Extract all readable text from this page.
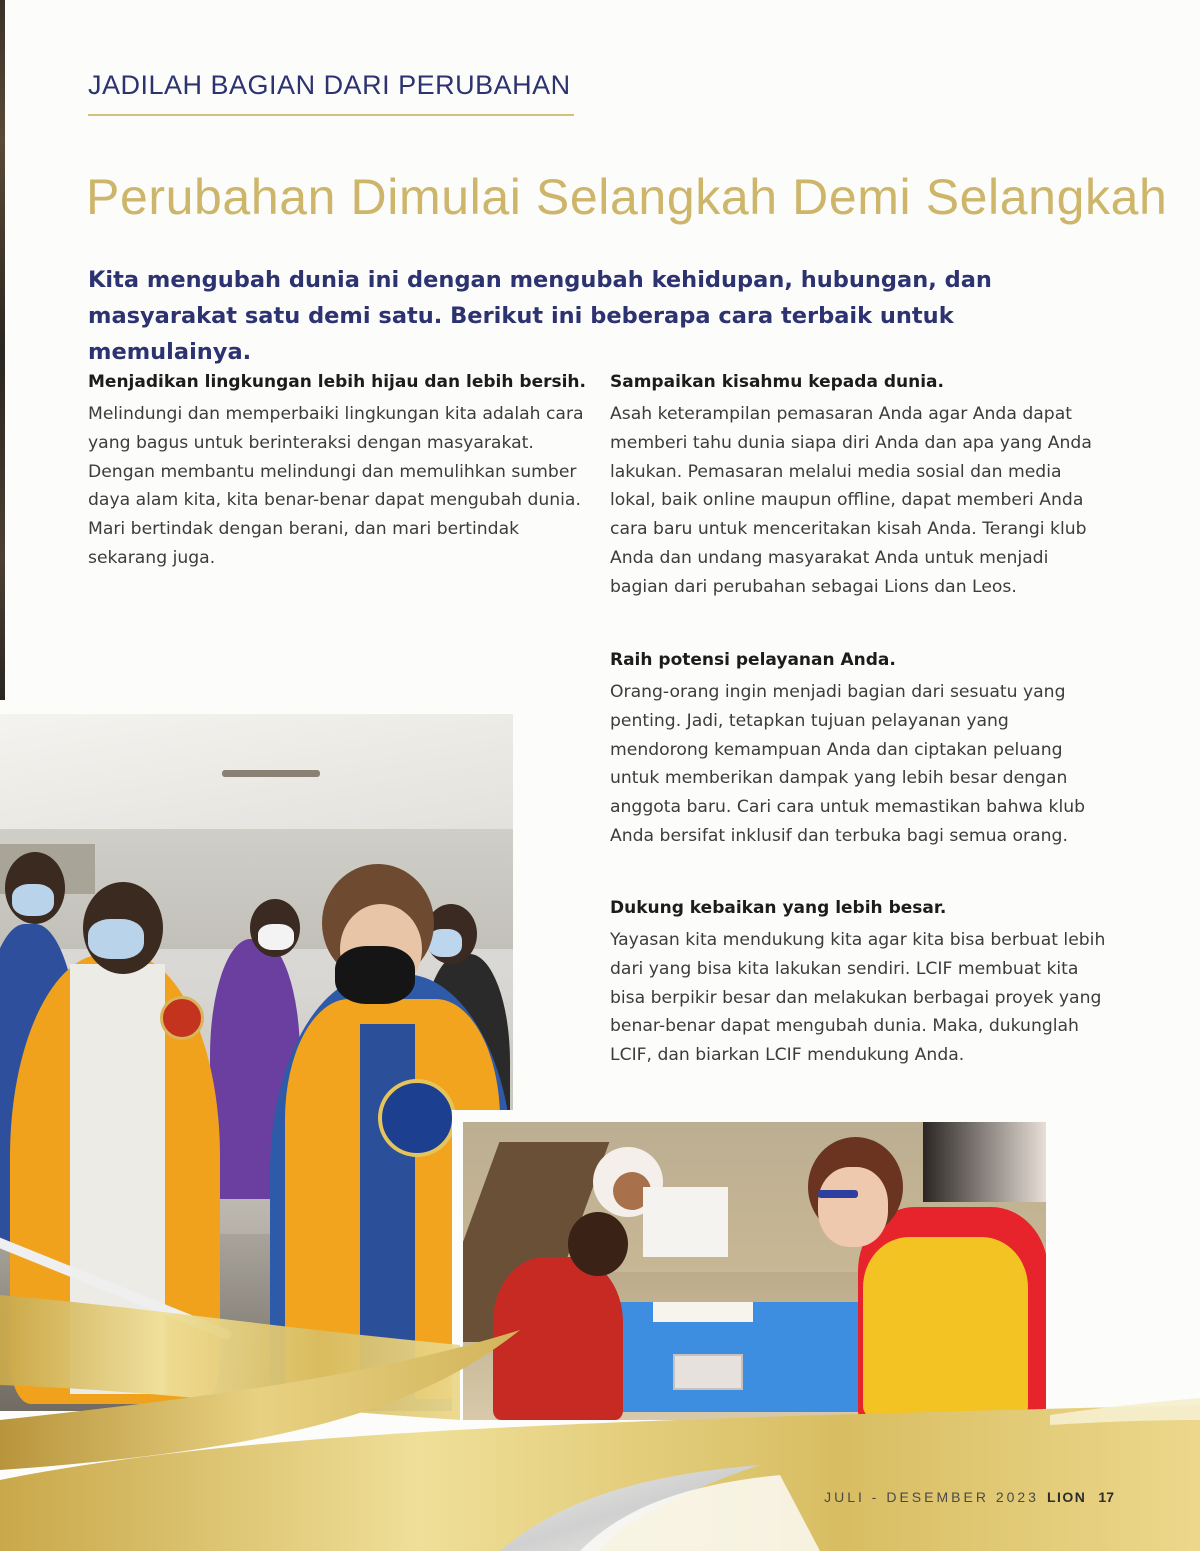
JADILAH BAGIAN DARI PERUBAHAN
Perubahan Dimulai Selangkah Demi Selangkah

Kita mengubah dunia ini dengan mengubah kehidupan, hubungan, dan masyarakat satu demi satu. Berikut ini beberapa cara terbaik untuk memulainya.

Menjadikan lingkungan lebih hijau dan lebih bersih.

Melindungi dan memperbaiki lingkungan kita adalah cara yang bagus untuk berinteraksi dengan masyarakat. Dengan membantu melindungi dan memulihkan sumber daya alam kita, kita benar-benar dapat mengubah dunia. Mari bertindak dengan berani, dan mari bertindak sekarang juga.

Sampaikan kisahmu kepada dunia.

Asah keterampilan pemasaran Anda agar Anda dapat memberi tahu dunia siapa diri Anda dan apa yang Anda lakukan. Pemasaran melalui media sosial dan media lokal, baik online maupun offline, dapat memberi Anda cara baru untuk menceritakan kisah Anda. Terangi klub Anda dan undang masyarakat Anda untuk menjadi bagian dari perubahan sebagai Lions dan Leos.

Raih potensi pelayanan Anda.

Orang-orang ingin menjadi bagian dari sesuatu yang penting. Jadi, tetapkan tujuan pelayanan yang mendorong kemampuan Anda dan ciptakan peluang untuk memberikan dampak yang lebih besar dengan anggota baru. Cari cara untuk memastikan bahwa klub Anda bersifat inklusif dan terbuka bagi semua orang.

Dukung kebaikan yang lebih besar.

Yayasan kita mendukung kita agar kita bisa berbuat lebih dari yang bisa kita lakukan sendiri. LCIF membuat kita bisa berpikir besar dan melakukan berbagai proyek yang benar-benar dapat mengubah dunia. Maka, dukunglah LCIF, dan biarkan LCIF mendukung Anda.

JULI - DESEMBER 2023 LION 17
